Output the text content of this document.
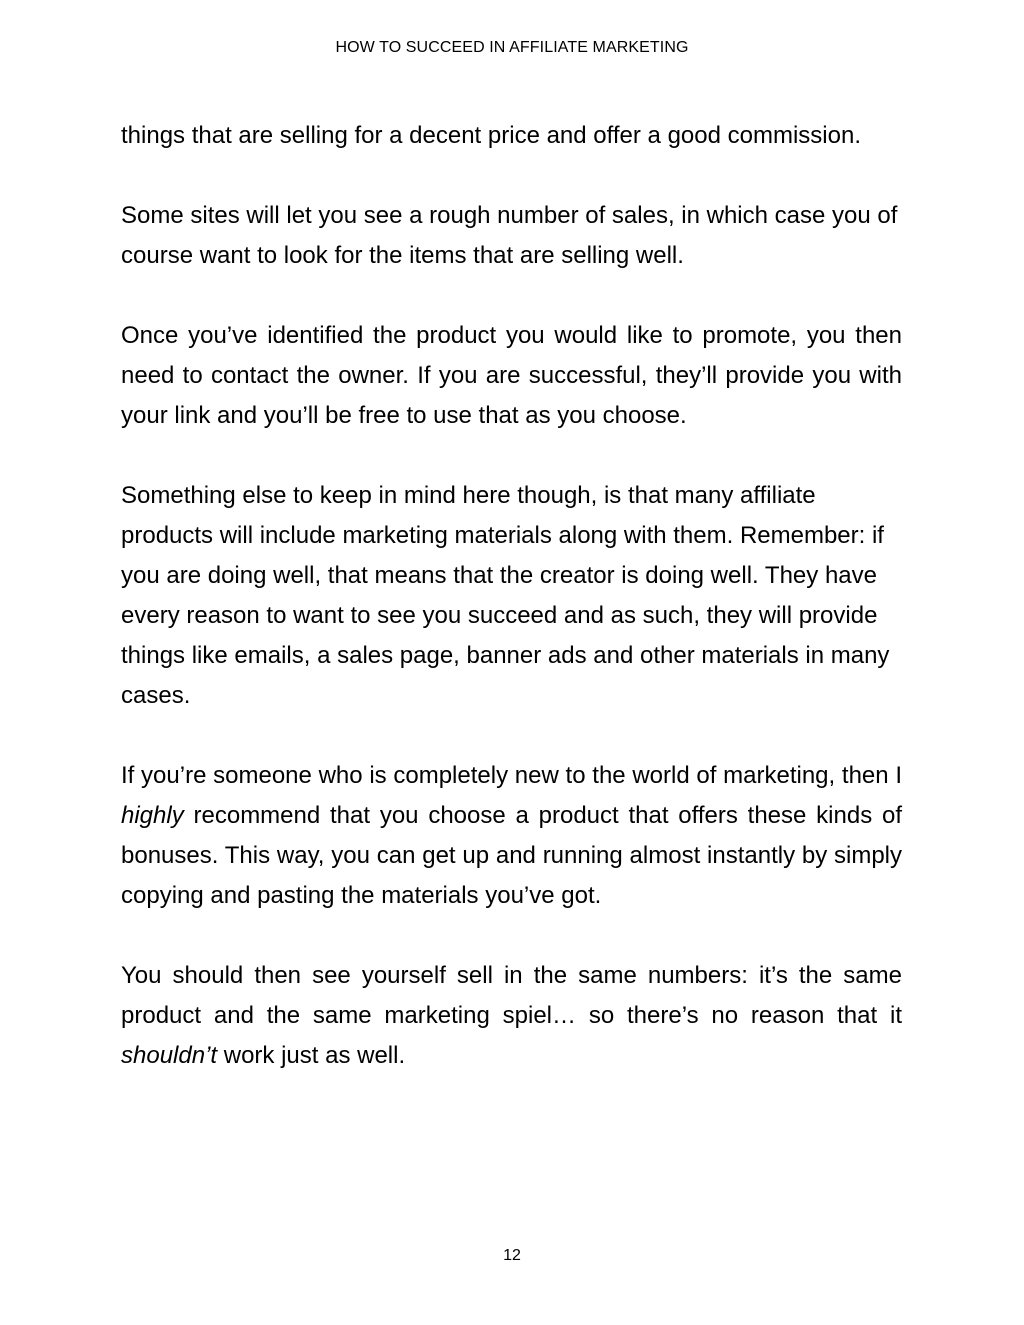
HOW TO SUCCEED IN AFFILIATE MARKETING

things that are selling for a decent price and offer a good commission.

Some sites will let you see a rough number of sales, in which case you of course want to look for the items that are selling well.

Once you’ve identified the product you would like to promote, you then need to contact the owner. If you are successful, they’ll provide you with your link and you’ll be free to use that as you choose.

Something else to keep in mind here though, is that many affiliate products will include marketing materials along with them. Remember: if you are doing well, that means that the creator is doing well. They have every reason to want to see you succeed and as such, they will provide things like emails, a sales page, banner ads and other materials in many cases.

If you’re someone who is completely new to the world of marketing, then I highly recommend that you choose a product that offers these kinds of bonuses. This way, you can get up and running almost instantly by simply copying and pasting the materials you’ve got.

You should then see yourself sell in the same numbers: it’s the same product and the same marketing spiel… so there’s no reason that it shouldn’t work just as well.

12
